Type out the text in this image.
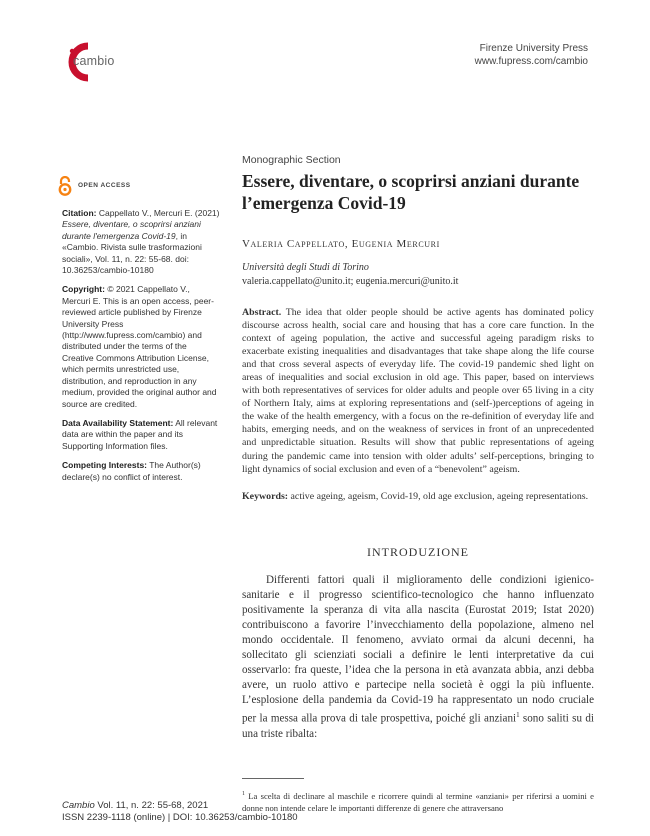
cambio
Firenze University Press
www.fupress.com/cambio
OPEN ACCESS

Citation: Cappellato V., Mercuri E. (2021) Essere, diventare, o scoprirsi anziani durante l'emergenza Covid-19, in «Cambio. Rivista sulle trasformazioni sociali», Vol. 11, n. 22: 55-68. doi: 10.36253/cambio-10180

Copyright: © 2021 Cappellato V., Mercuri E. This is an open access, peer-reviewed article published by Firenze University Press (http://www.fupress.com/cambio) and distributed under the terms of the Creative Commons Attribution License, which permits unrestricted use, distribution, and reproduction in any medium, provided the original author and source are credited.

Data Availability Statement: All relevant data are within the paper and its Supporting Information files.

Competing Interests: The Author(s) declare(s) no conflict of interest.

Monographic Section
Essere, diventare, o scoprirsi anziani durante
l’emergenza Covid-19
Valeria Cappellato, Eugenia Mercuri
Università degli Studi di Torino
valeria.cappellato@unito.it; eugenia.mercuri@unito.it
Abstract. The idea that older people should be active agents has dominated policy discourse across health, social care and housing that has a core care function. In the context of ageing population, the active and successful ageing paradigm risks to exacerbate existing inequalities and disadvantages that take shape along the life course and that cross several aspects of everyday life. The covid-19 pandemic shed light on areas of inequalities and social exclusion in old age. This paper, based on interviews with both representatives of services for older adults and people over 65 living in a city of Northern Italy, aims at exploring representations and (self-)perceptions of ageing in the wake of the health emergency, with a focus on the re-definition of everyday life and habits, emerging needs, and on the weakness of services in front of an unprecedented and unpredictable situation. Results will show that public representations of ageing during the pandemic came into tension with older adults’ self-perceptions, bringing to light dynamics of social exclusion and even of a “benevolent” ageism.
Keywords: active ageing, ageism, Covid-19, old age exclusion, ageing representations.
INTRODUZIONE
Differenti fattori quali il miglioramento delle condizioni igienico-sanitarie e il progresso scientifico-tecnologico che hanno influenzato positivamente la speranza di vita alla nascita (Eurostat 2019; Istat 2020) contribuiscono a favorire l’invecchiamento della popolazione, almeno nel mondo occidentale. Il fenomeno, avviato ormai da alcuni decenni, ha sollecitato gli scienziati sociali a definire le lenti interpretative da cui osservarlo: fra queste, l’idea che la persona in età avanzata abbia, anzi debba avere, un ruolo attivo e partecipe nella società è oggi la più influente. L’esplosione della pandemia da Covid-19 ha rappresentato un nodo cruciale per la messa alla prova di tale prospettiva, poiché gli anziani$^1$ sono saliti su di una triste ribalta:
$^1$ La scelta di declinare al maschile e ricorrere quindi al termine «anziani» per riferirsi a uomini e donne non intende celare le importanti differenze di genere che attraversano
Cambio Vol. 11, n. 22: 55-68, 2021
ISSN 2239-1118 (online) | DOI: 10.36253/cambio-10180
